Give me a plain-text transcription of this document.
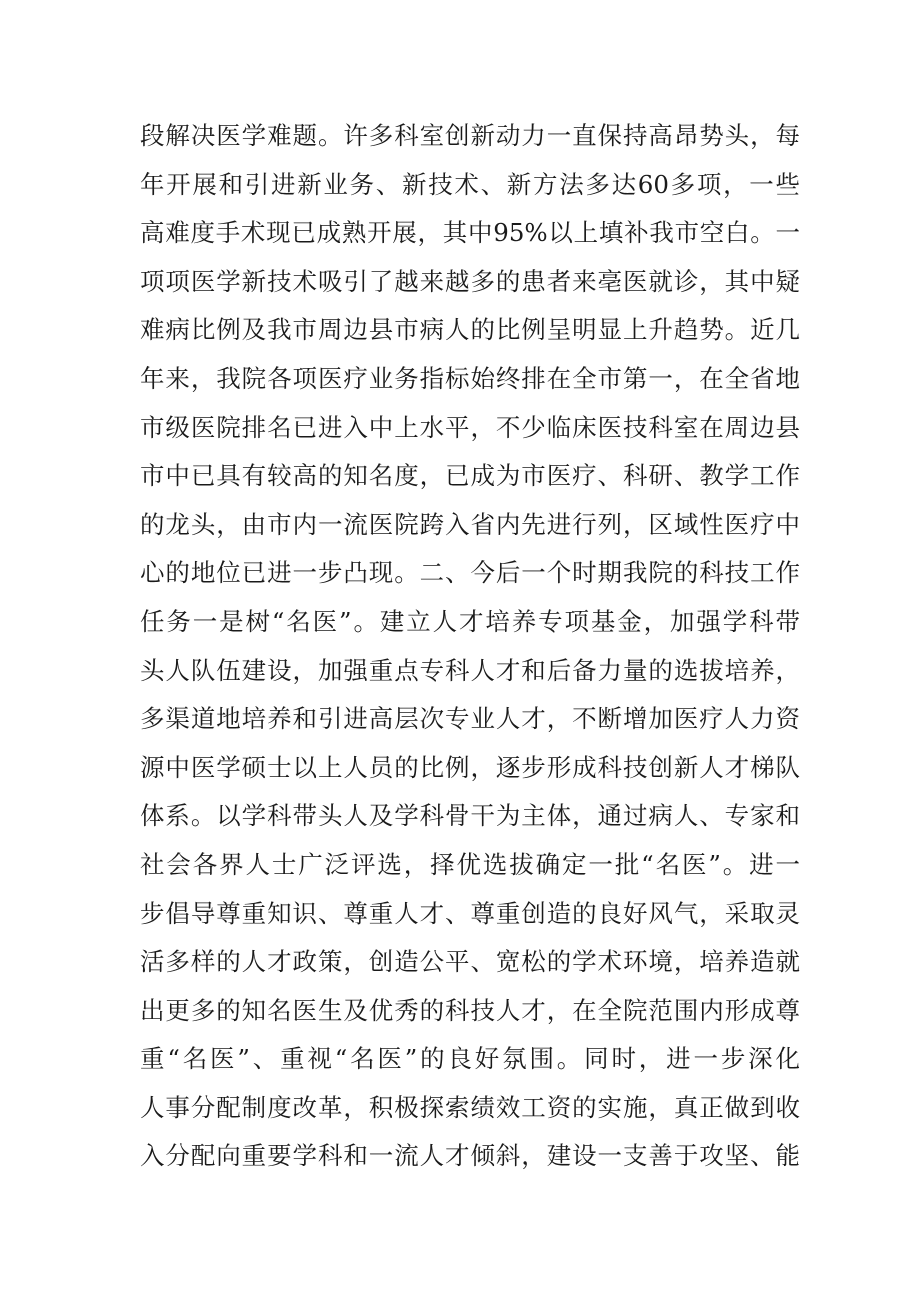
段解决医学难题。许多科室创新动力一直保持高昂势头，每
年开展和引进新业务、新技术、新方法多达60多项，一些
高难度手术现已成熟开展，其中95%以上填补我市空白。一
项项医学新技术吸引了越来越多的患者来亳医就诊，其中疑
难病比例及我市周边县市病人的比例呈明显上升趋势。近几
年来，我院各项医疗业务指标始终排在全市第一，在全省地
市级医院排名已进入中上水平，不少临床医技科室在周边县
市中已具有较高的知名度，已成为市医疗、科研、教学工作
的龙头，由市内一流医院跨入省内先进行列，区域性医疗中
心的地位已进一步凸现。二、今后一个时期我院的科技工作
任务一是树“名医”。建立人才培养专项基金，加强学科带
头人队伍建设，加强重点专科人才和后备力量的选拔培养，
多渠道地培养和引进高层次专业人才，不断增加医疗人力资
源中医学硕士以上人员的比例，逐步形成科技创新人才梯队
体系。以学科带头人及学科骨干为主体，通过病人、专家和
社会各界人士广泛评选，择优选拔确定一批“名医”。进一
步倡导尊重知识、尊重人才、尊重创造的良好风气，采取灵
活多样的人才政策，创造公平、宽松的学术环境，培养造就
出更多的知名医生及优秀的科技人才，在全院范围内形成尊
重“名医”、重视“名医”的良好氛围。同时，进一步深化
人事分配制度改革，积极探索绩效工资的实施，真正做到收
入分配向重要学科和一流人才倾斜，建设一支善于攻坚、能
